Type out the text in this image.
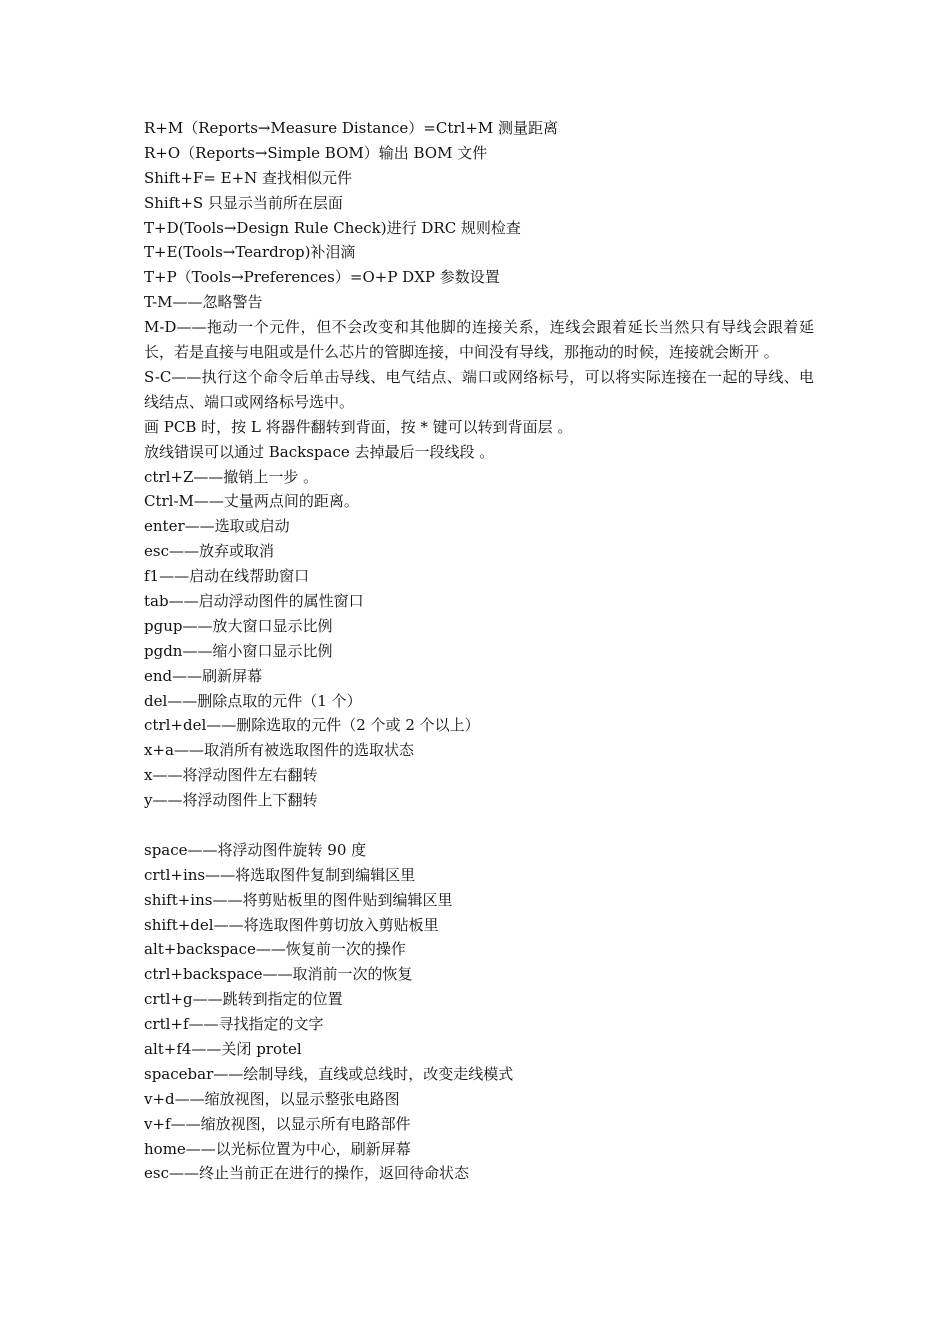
R+M（Reports→Measure Distance）=Ctrl+M 测量距离
R+O（Reports→Simple BOM）输出 BOM 文件
Shift+F= E+N 查找相似元件
Shift+S 只显示当前所在层面
T+D(Tools→Design Rule Check)进行 DRC 规则检查
T+E(Tools→Teardrop)补泪滴
T+P（Tools→Preferences）=O+P DXP 参数设置
T-M——忽略警告
M-D——拖动一个元件，但不会改变和其他脚的连接关系，连线会跟着延长当然只有导线会跟着延长，若是直接与电阻或是什么芯片的管脚连接，中间没有导线，那拖动的时候，连接就会断开 。
S-C——执行这个命令后单击导线、电气结点、端口或网络标号，可以将实际连接在一起的导线、电线结点、端口或网络标号选中。
画 PCB 时，按 L 将器件翻转到背面，按 * 键可以转到背面层 。
放线错误可以通过 Backspace 去掉最后一段线段 。
ctrl+Z——撤销上一步 。
Ctrl-M——丈量两点间的距离。
enter——选取或启动
esc——放弃或取消
f1——启动在线帮助窗口
tab——启动浮动图件的属性窗口
pgup——放大窗口显示比例
pgdn——缩小窗口显示比例
end——刷新屏幕
del——删除点取的元件（1 个）
ctrl+del——删除选取的元件（2 个或 2 个以上）
x+a——取消所有被选取图件的选取状态
x——将浮动图件左右翻转
y——将浮动图件上下翻转
space——将浮动图件旋转 90 度
crtl+ins——将选取图件复制到编辑区里
shift+ins——将剪贴板里的图件贴到编辑区里
shift+del——将选取图件剪切放入剪贴板里
alt+backspace——恢复前一次的操作
ctrl+backspace——取消前一次的恢复
crtl+g——跳转到指定的位置
crtl+f——寻找指定的文字
alt+f4——关闭 protel
spacebar——绘制导线，直线或总线时，改变走线模式
v+d——缩放视图，以显示整张电路图
v+f——缩放视图，以显示所有电路部件
home——以光标位置为中心，刷新屏幕
esc——终止当前正在进行的操作，返回待命状态
